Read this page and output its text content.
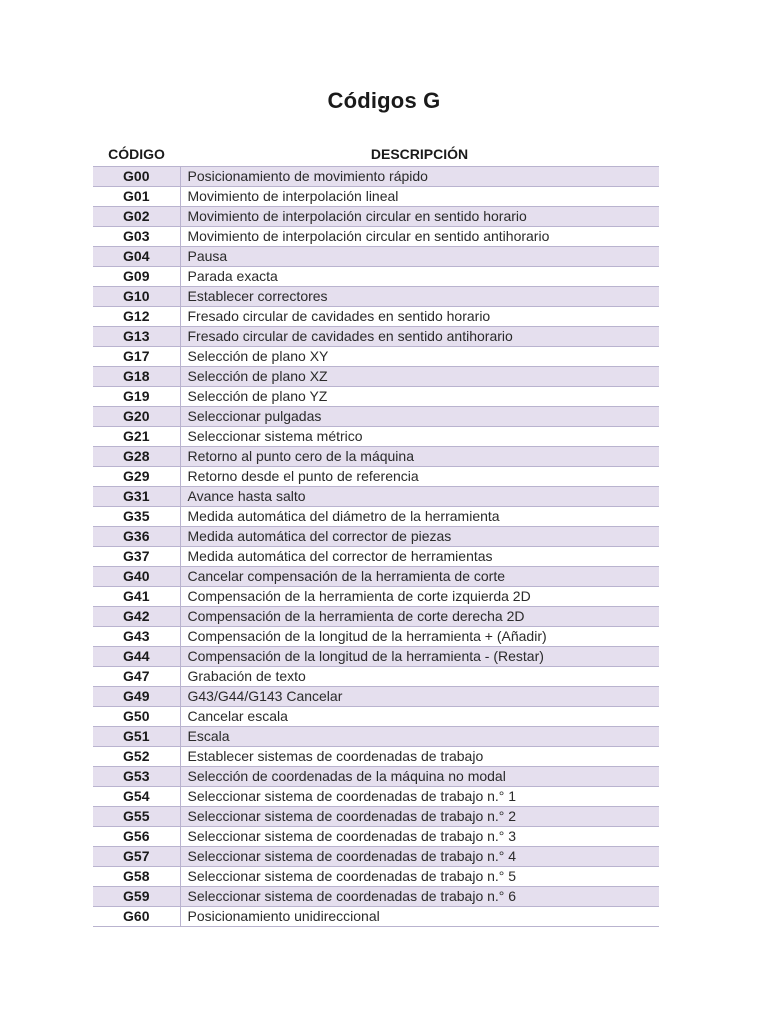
Códigos G
CÓDIGO	DESCRIPCIÓN
G00	Posicionamiento de movimiento rápido
G01	Movimiento de interpolación lineal
G02	Movimiento de interpolación circular en sentido horario
G03	Movimiento de interpolación circular en sentido antihorario
G04	Pausa
G09	Parada exacta
G10	Establecer correctores
G12	Fresado circular de cavidades en sentido horario
G13	Fresado circular de cavidades en sentido antihorario
G17	Selección de plano XY
G18	Selección de plano XZ
G19	Selección de plano YZ
G20	Seleccionar pulgadas
G21	Seleccionar sistema métrico
G28	Retorno al punto cero de la máquina
G29	Retorno desde el punto de referencia
G31	Avance hasta salto
G35	Medida automática del diámetro de la herramienta
G36	Medida automática del corrector de piezas
G37	Medida automática del corrector de herramientas
G40	Cancelar compensación de la herramienta de corte
G41	Compensación de la herramienta de corte izquierda 2D
G42	Compensación de la herramienta de corte derecha 2D
G43	Compensación de la longitud de la herramienta + (Añadir)
G44	Compensación de la longitud de la herramienta - (Restar)
G47	Grabación de texto
G49	G43/G44/G143 Cancelar
G50	Cancelar escala
G51	Escala
G52	Establecer sistemas de coordenadas de trabajo
G53	Selección de coordenadas de la máquina no modal
G54	Seleccionar sistema de coordenadas de trabajo n.° 1
G55	Seleccionar sistema de coordenadas de trabajo n.° 2
G56	Seleccionar sistema de coordenadas de trabajo n.° 3
G57	Seleccionar sistema de coordenadas de trabajo n.° 4
G58	Seleccionar sistema de coordenadas de trabajo n.° 5
G59	Seleccionar sistema de coordenadas de trabajo n.° 6
G60	Posicionamiento unidireccional
